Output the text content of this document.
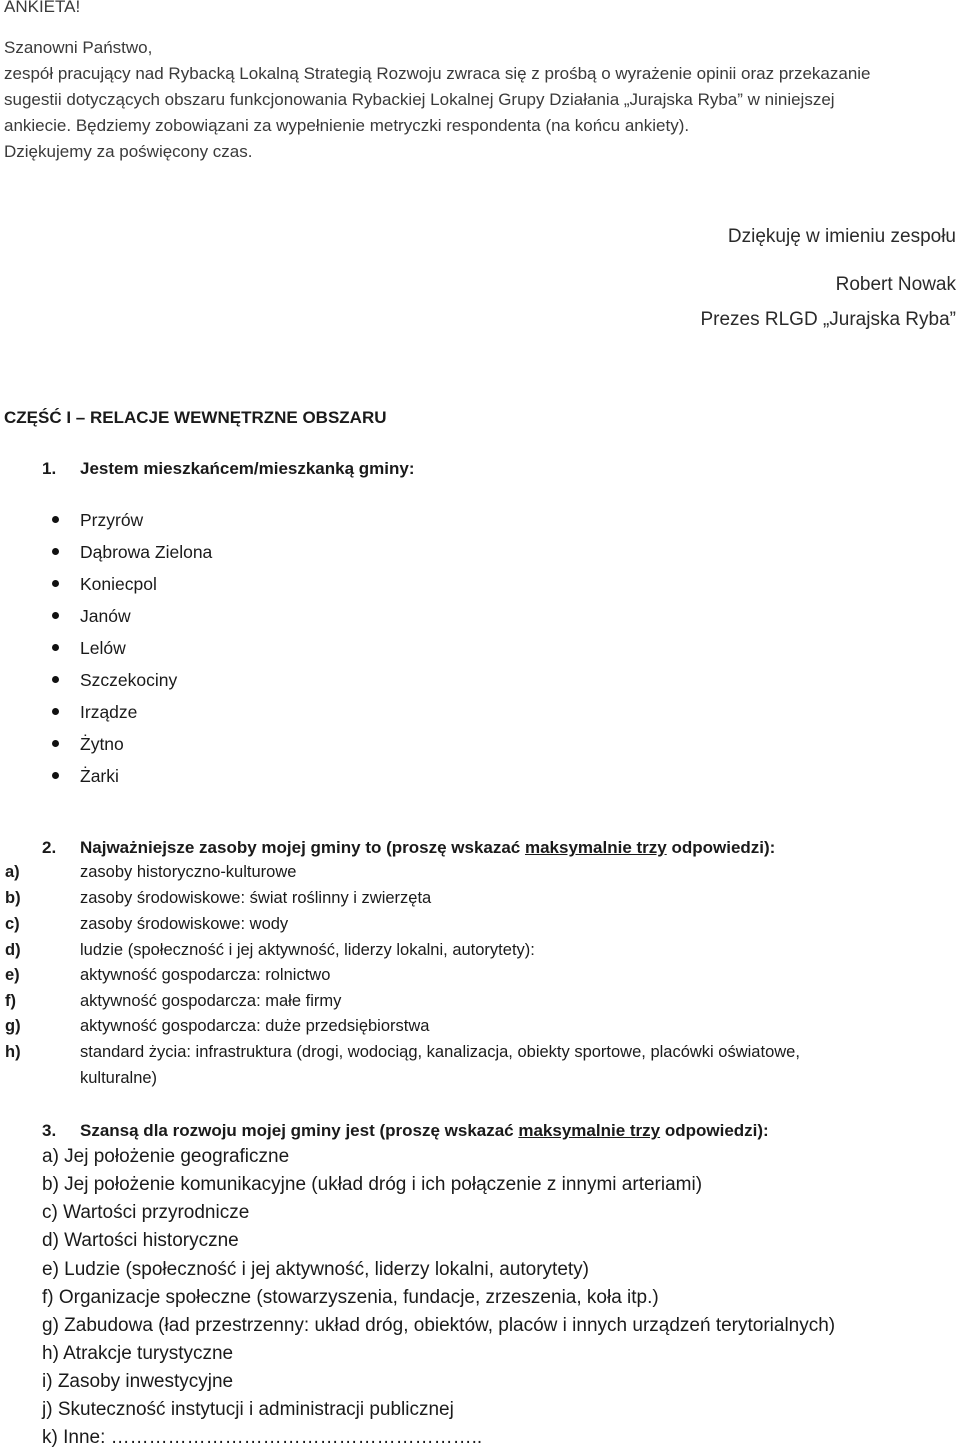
ANKIETA!
Szanowni Państwo,
zespół pracujący nad Rybacką Lokalną Strategią Rozwoju zwraca się z prośbą o wyrażenie opinii oraz przekazanie
sugestii dotyczących obszaru funkcjonowania Rybackiej Lokalnej Grupy Działania „Jurajska Ryba” w niniejszej
ankiecie. Będziemy zobowiązani za wypełnienie metryczki respondenta (na końcu ankiety).
Dziękujemy za poświęcony czas.
Dziękuję w imieniu zespołu
Robert Nowak
Prezes RLGD „Jurajska Ryba”
CZĘŚĆ I – RELACJE WEWNĘTRZNE OBSZARU
1. Jestem mieszkańcem/mieszkanką gminy:
Przyrów
Dąbrowa Zielona
Koniecpol
Janów
Lelów
Szczekociny
Irządze
Żytno
Żarki
2. Najważniejsze zasoby mojej gminy to (proszę wskazać maksymalnie trzy odpowiedzi):
a)	zasoby historyczno-kulturowe
b)	zasoby środowiskowe: świat roślinny i zwierzęta
c)	zasoby środowiskowe: wody
d)	ludzie (społeczność i jej aktywność, liderzy lokalni, autorytety):
e)	aktywność gospodarcza: rolnictwo
f)	aktywność gospodarcza: małe firmy
g)	aktywność gospodarcza: duże przedsiębiorstwa
h)	standard życia: infrastruktura (drogi, wodociąg, kanalizacja, obiekty sportowe, placówki oświatowe,
kulturalne)
3. Szansą dla rozwoju mojej gminy jest (proszę wskazać maksymalnie trzy odpowiedzi):
a) Jej położenie geograficzne
b) Jej położenie komunikacyjne (układ dróg i ich połączenie z innymi arteriami)
c) Wartości przyrodnicze
d) Wartości historyczne
e) Ludzie (społeczność i jej aktywność, liderzy lokalni, autorytety)
f) Organizacje społeczne (stowarzyszenia, fundacje, zrzeszenia, koła itp.)
g) Zabudowa (ład przestrzenny: układ dróg, obiektów, placów i innych urządzeń terytorialnych)
h) Atrakcje turystyczne
i) Zasoby inwestycyjne
j) Skuteczność instytucji i administracji publicznej
k) Inne: …………………………………………………..
